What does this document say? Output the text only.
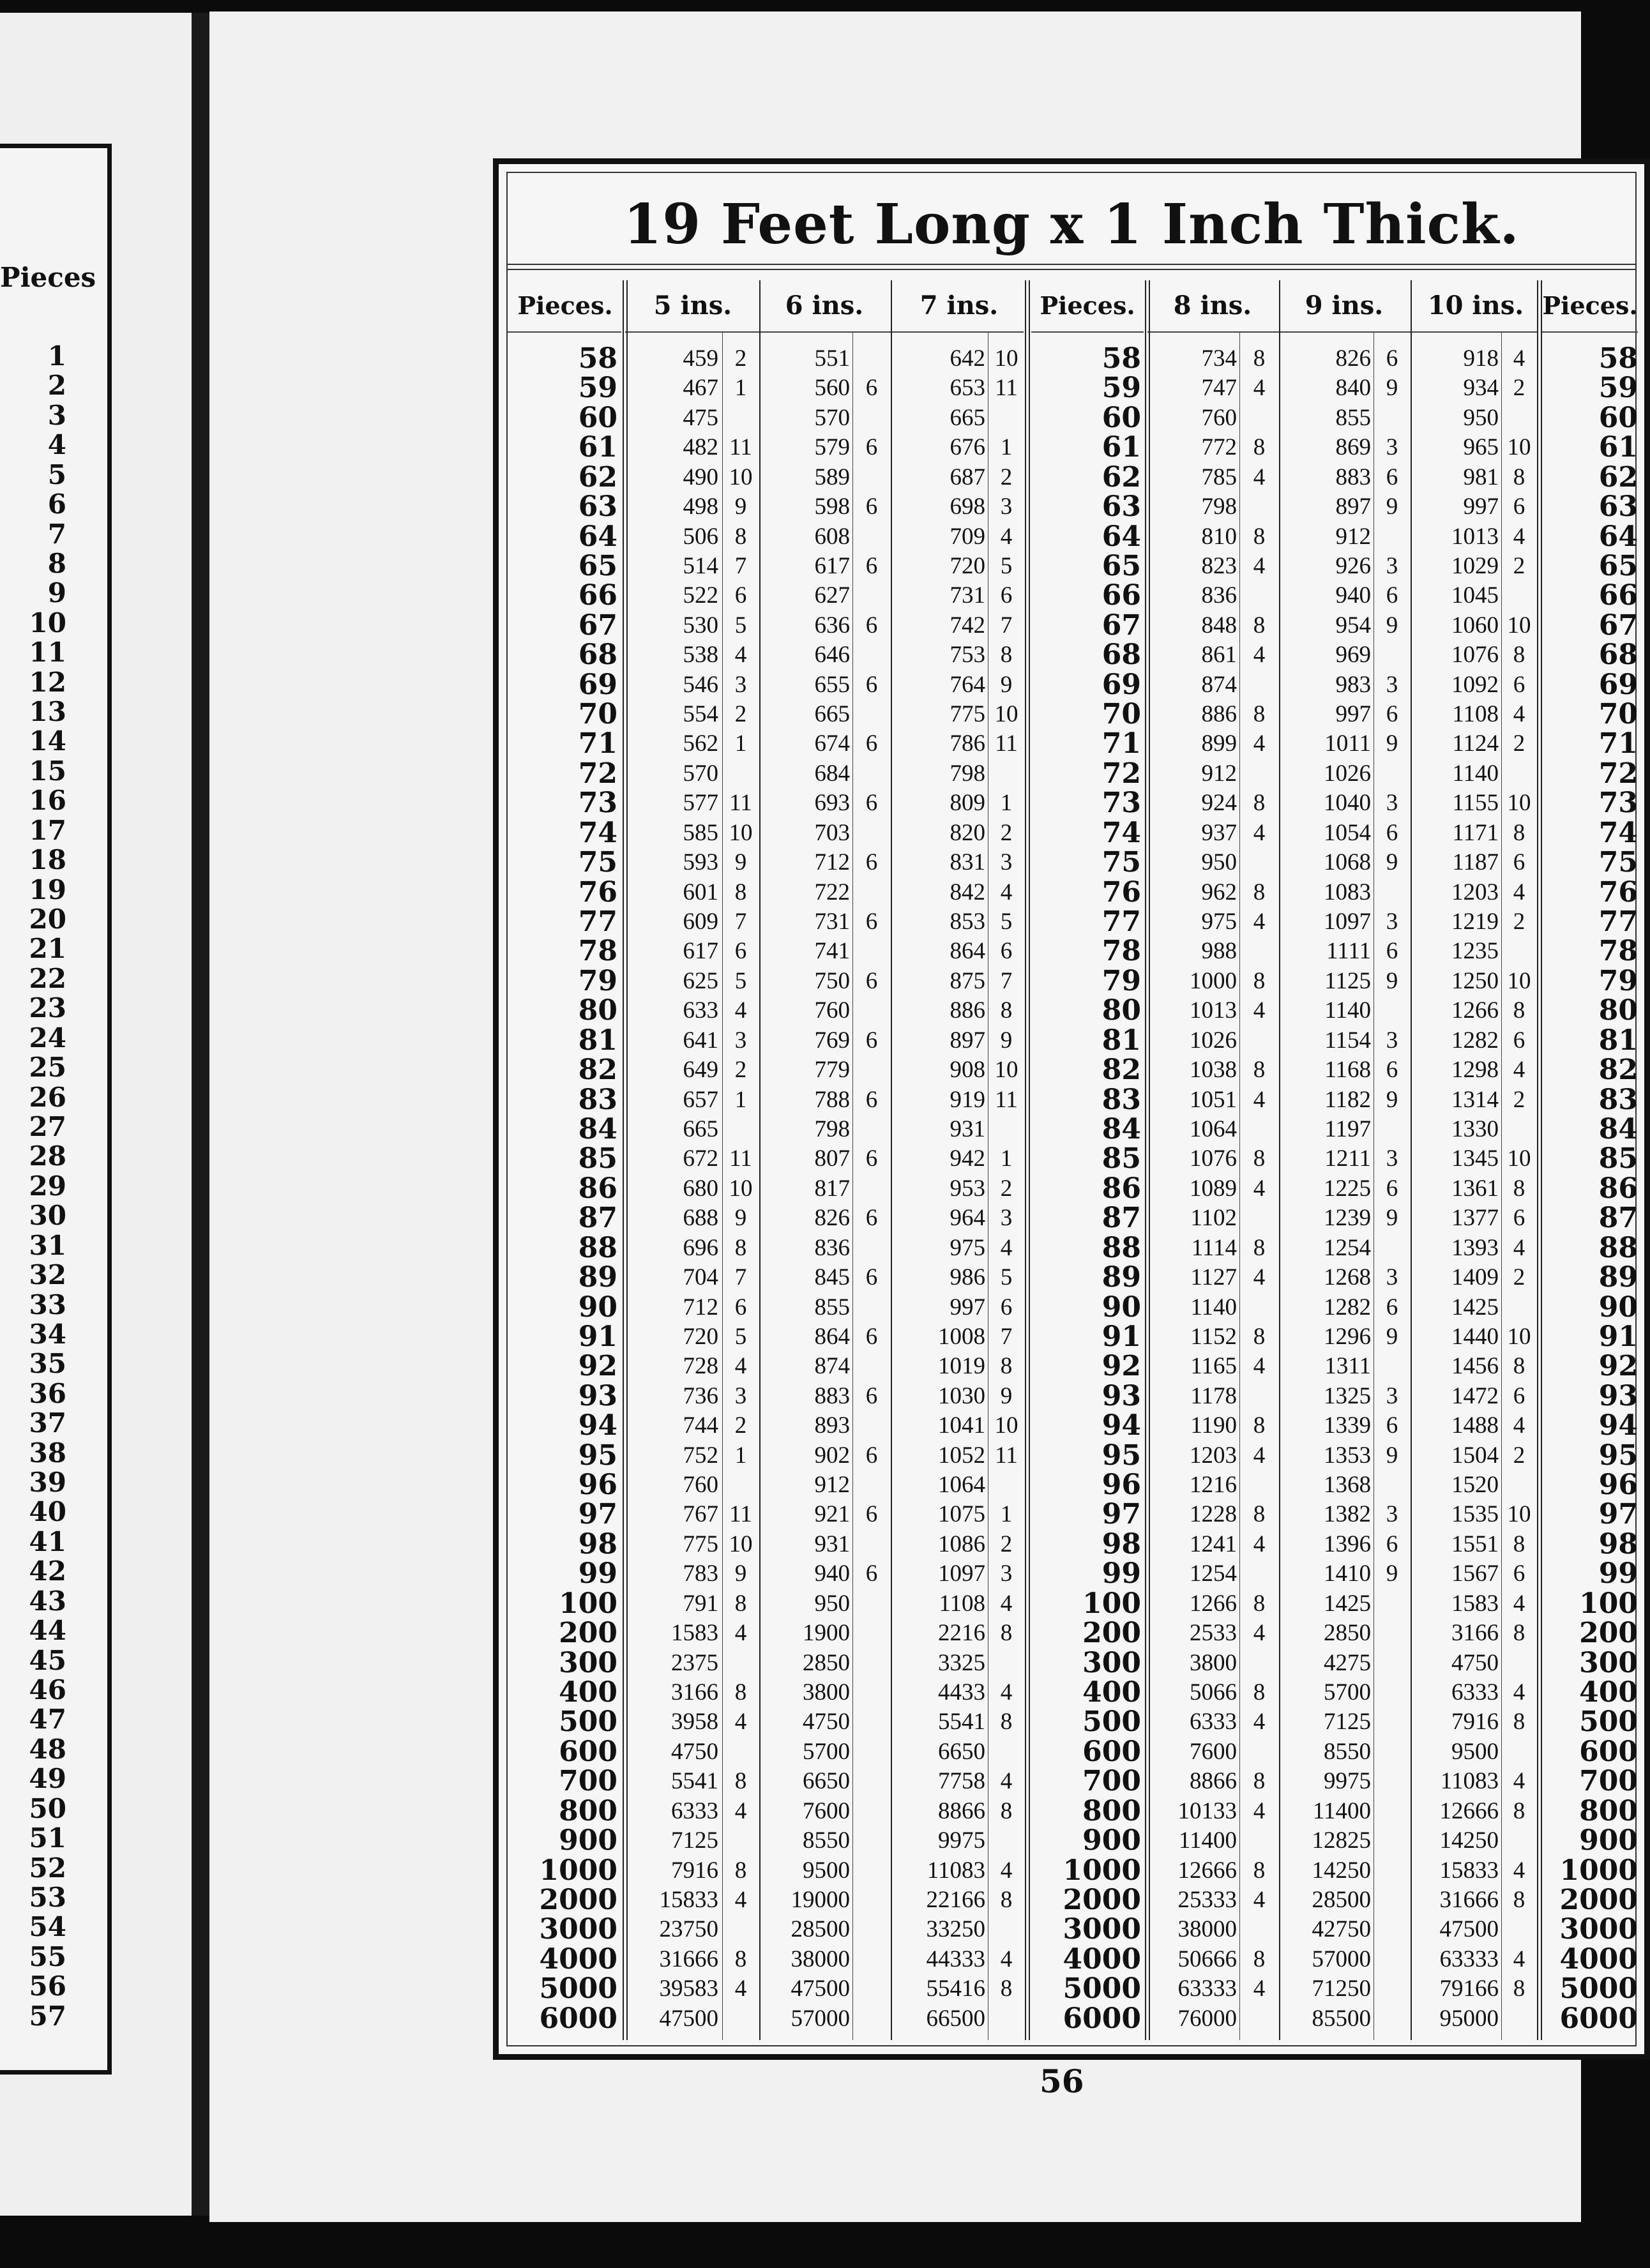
Pieces
1
2
3
4
5
6
7
8
9
10
11
12
13
14
15
16
17
18
19
20
21
22
23
24
25
26
27
28
29
30
31
32
33
34
35
36
37
38
39
40
41
42
43
44
45
46
47
48
49
50
51
52
53
54
55
56
57
19 Feet Long x 1 Inch Thick.
Pieces.	5 ins.	6 ins.	7 ins.	Pieces.	8 ins.	9 ins.	10 ins. Pieces.
58	459 2	551	642 10	58	734 8	826 6	918 4	58
59	467 1	560 6	653 11	59	747 4	840 9	934 2	59
60	475	570	665	60	760	855	950	60
61	482 11	579 6	676 1	61	772 8	869 3	965 10	61
62	490 10	589	687 2	62	785 4	883 6	981 8	62
63	498 9	598 6	698 3	63	798	897 9	997 6	63
64	506 8	608	709 4	64	810 8	912	1013 4	64
65	514 7	617 6	720 5	65	823 4	926 3	1029 2	65
66	522 6	627	731 6	66	836	940 6	1045	66
67	530 5	636 6	742 7	67	848 8	954 9	1060 10	67
68	538 4	646	753 8	68	861 4	969	1076 8	68
69	546 3	655 6	764 9	69	874	983 3	1092 6	69
70	554 2	665	775 10	70	886 8	997 6	1108 4	70
71	562 1	674 6	786 11	71	899 4	1011 9	1124 2	71
72	570	684	798	72	912	1026	1140	72
73	577 11	693 6	809 1	73	924 8	1040 3	1155 10	73
74	585 10	703	820 2	74	937 4	1054 6	1171 8	74
75	593 9	712 6	831 3	75	950	1068 9	1187 6	75
76	601 8	722	842 4	76	962 8	1083	1203 4	76
77	609 7	731 6	853 5	77	975 4	1097 3	1219 2	77
78	617 6	741	864 6	78	988	1111 6	1235	78
79	625 5	750 6	875 7	79	1000 8	1125 9	1250 10	79
80	633 4	760	886 8	80	1013 4	1140	1266 8	80
81	641 3	769 6	897 9	81	1026	1154 3	1282 6	81
82	649 2	779	908 10	82	1038 8	1168 6	1298 4	82
83	657 1	788 6	919 11	83	1051 4	1182 9	1314 2	83
84	665	798	931	84	1064	1197	1330	84
85	672 11	807 6	942 1	85	1076 8	1211 3	1345 10	85
86	680 10	817	953 2	86	1089 4	1225 6	1361 8	86
87	688 9	826 6	964 3	87	1102	1239 9	1377 6	87
88	696 8	836	975 4	88	1114 8	1254	1393 4	88
89	704 7	845 6	986 5	89	1127 4	1268 3	1409 2	89
90	712 6	855	997 6	90	1140	1282 6	1425	90
91	720 5	864 6	1008 7	91	1152 8	1296 9	1440 10	91
92	728 4	874	1019 8	92	1165 4	1311	1456 8	92
93	736 3	883 6	1030 9	93	1178	1325 3	1472 6	93
94	744 2	893	1041 10	94	1190 8	1339 6	1488 4	94
95	752 1	902 6	1052 11	95	1203 4	1353 9	1504 2	95
96	760	912	1064	96	1216	1368	1520	96
97	767 11	921 6	1075 1	97	1228 8	1382 3	1535 10	97
98	775 10	931	1086 2	98	1241 4	1396 6	1551 8	98
99	783 9	940 6	1097 3	99	1254	1410 9	1567 6	99
100	791 8	950	1108 4	100	1266 8	1425	1583 4	100
200	1583 4	1900	2216 8	200	2533 4	2850	3166 8	200
300	2375	2850	3325	300	3800	4275	4750	300
400	3166 8	3800	4433 4	400	5066 8	5700	6333 4	400
500	3958 4	4750	5541 8	500	6333 4	7125	7916 8	500
600	4750	5700	6650	600	7600	8550	9500	600
700	5541 8	6650	7758 4	700	8866 8	9975	11083 4	700
800	6333 4	7600	8866 8	800	10133 4	11400	12666 8	800
900	7125	8550	9975	900	11400	12825	14250	900
1000	7916 8	9500	11083 4	1000	12666 8	14250	15833 4	1000
2000	15833 4	19000	22166 8	2000	25333 4	28500	31666 8	2000
3000	23750	28500	33250	3000	38000	42750	47500	3000
4000	31666 8	38000	44333 4	4000	50666 8	57000	63333 4	4000
5000	39583 4	47500	55416 8	5000	63333 4	71250	79166 8	5000
6000	47500	57000	66500	6000	76000	85500	95000	6000
56
